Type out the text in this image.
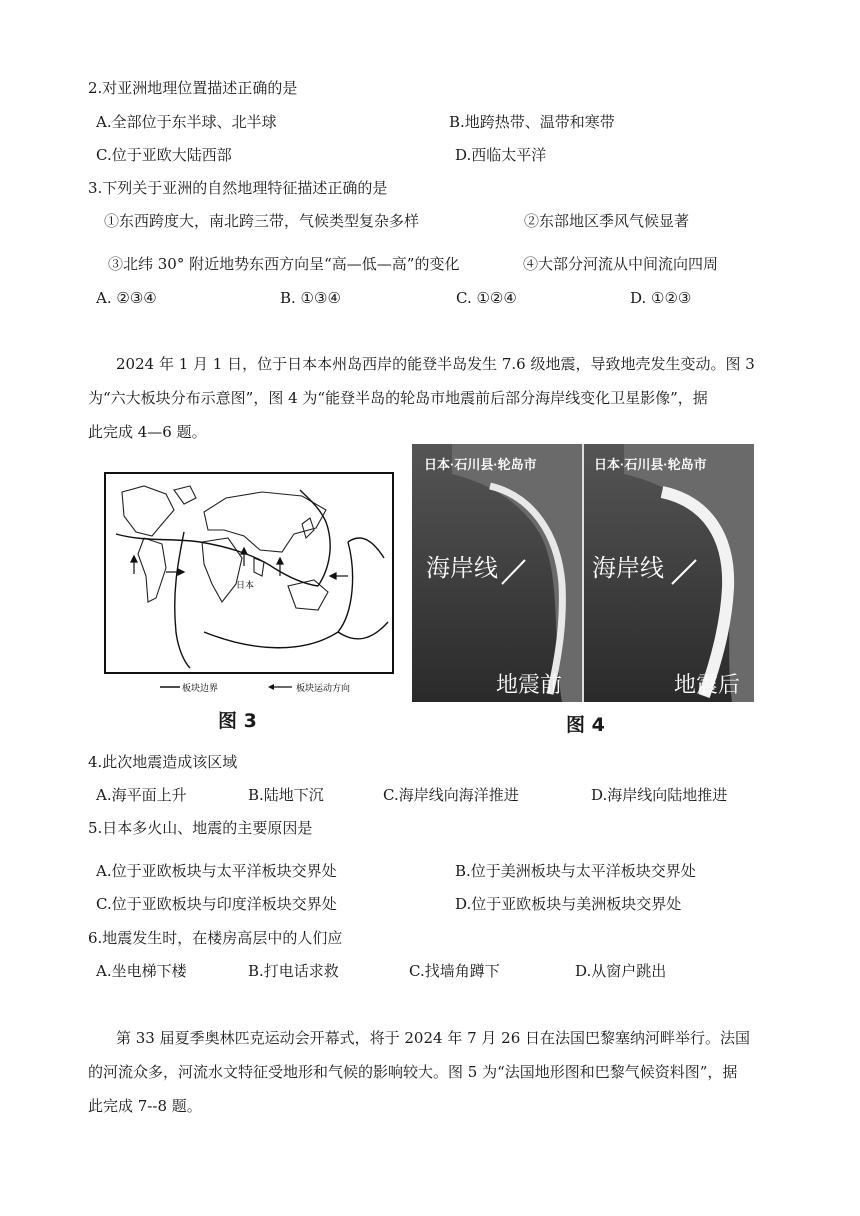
2.对亚洲地理位置描述正确的是
A.全部位于东半球、北半球	B.地跨热带、温带和寒带
C.位于亚欧大陆西部	D.西临太平洋
3.下列关于亚洲的自然地理特征描述正确的是
①东西跨度大，南北跨三带，气候类型复杂多样	②东部地区季风气候显著
③北纬 30° 附近地势东西方向呈“高—低—高”的变化	④大部分河流从中间流向四周
A. ②③④	B. ①③④	C. ①②④	D. ①②③
2024 年 1 月 1 日，位于日本本州岛西岸的能登半岛发生 7.6 级地震，导致地壳发生变动。图 3
为“六大板块分布示意图”，图 4 为“能登半岛的轮岛市地震前后部分海岸线变化卫星影像”，据
此完成 4—6 题。
日本
板块边界	板块运动方向
图 3
日本·石川县·轮岛市	日本·石川县·轮岛市
海岸线	海岸线
地震前	地震后
图 4
4.此次地震造成该区域
A.海平面上升	B.陆地下沉	C.海岸线向海洋推进	D.海岸线向陆地推进
5.日本多火山、地震的主要原因是
A.位于亚欧板块与太平洋板块交界处	B.位于美洲板块与太平洋板块交界处
C.位于亚欧板块与印度洋板块交界处	D.位于亚欧板块与美洲板块交界处
6.地震发生时，在楼房高层中的人们应
A.坐电梯下楼	B.打电话求救	C.找墙角蹲下	D.从窗户跳出
第 33 届夏季奥林匹克运动会开幕式，将于 2024 年 7 月 26 日在法国巴黎塞纳河畔举行。法国
的河流众多，河流水文特征受地形和气候的影响较大。图 5 为“法国地形图和巴黎气候资料图”，据
此完成 7--8 题。
